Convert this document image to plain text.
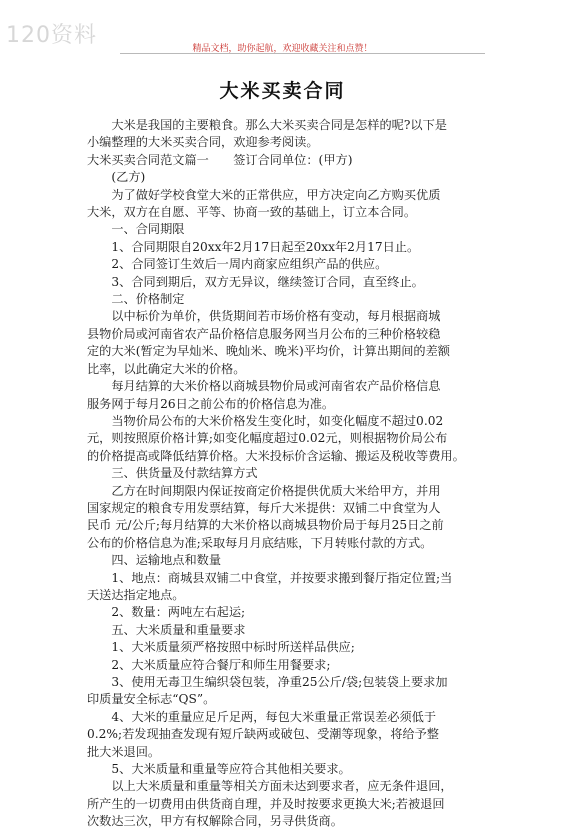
120资料
精品文档，助你起航，欢迎收藏关注和点赞！
大米买卖合同

　　大米是我国的主要粮食。那么大米买卖合同是怎样的呢?以下是

小编整理的大米买卖合同，欢迎参考阅读。

大米买卖合同范文篇一　　签订合同单位：(甲方)

　　(乙方)

　　为了做好学校食堂大米的正常供应，甲方决定向乙方购买优质

大米，双方在自愿、平等、协商一致的基础上，订立本合同。

　　一、合同期限

　　1、合同期限自20xx年2月17日起至20xx年2月17日止。

　　2、合同签订生效后一周内商家应组织产品的供应。

　　3、合同到期后，双方无异议，继续签订合同，直至终止。

　　二、价格制定

　　以中标价为单价，供货期间若市场价格有变动，每月根据商城

县物价局或河南省农产品价格信息服务网当月公布的三种价格较稳

定的大米(暂定为早灿米、晚灿米、晚米)平均价，计算出期间的差额

比率，以此确定大米的价格。

　　每月结算的大米价格以商城县物价局或河南省农产品价格信息

服务网于每月26日之前公布的价格信息为准。

　　当物价局公布的大米价格发生变化时，如变化幅度不超过0.02

元，则按照原价格计算;如变化幅度超过0.02元，则根据物价局公布

的价格提高或降低结算价格。大米投标价含运输、搬运及税收等费用。

　　三、供货量及付款结算方式

　　乙方在时间期限内保证按商定价格提供优质大米给甲方，并用

国家规定的粮食专用发票结算，每斤大米提供：双铺二中食堂为人

民币 元/公斤;每月结算的大米价格以商城县物价局于每月25日之前

公布的价格信息为准;采取每月月底结账，下月转账付款的方式。

　　四、运输地点和数量

　　1、地点：商城县双铺二中食堂，并按要求搬到餐厅指定位置;当

天送达指定地点。

　　2、数量：两吨左右起运;

　　五、大米质量和重量要求

　　1、大米质量须严格按照中标时所送样品供应;

　　2、大米质量应符合餐厅和师生用餐要求;

　　3、使用无毒卫生编织袋包装，净重25公斤/袋;包装袋上要求加

印质量安全标志“QS”。

　　4、大米的重量应足斤足两，每包大米重量正常误差必须低于

0.2%;若发现抽查发现有短斤缺两或破包、受潮等现象，将给予整

批大米退回。

　　5、大米质量和重量等应符合其他相关要求。

　　以上大米质量和重量等相关方面未达到要求者，应无条件退回，

所产生的一切费用由供货商自理，并及时按要求更换大米;若被退回

次数达三次，甲方有权解除合同，另寻供货商。
